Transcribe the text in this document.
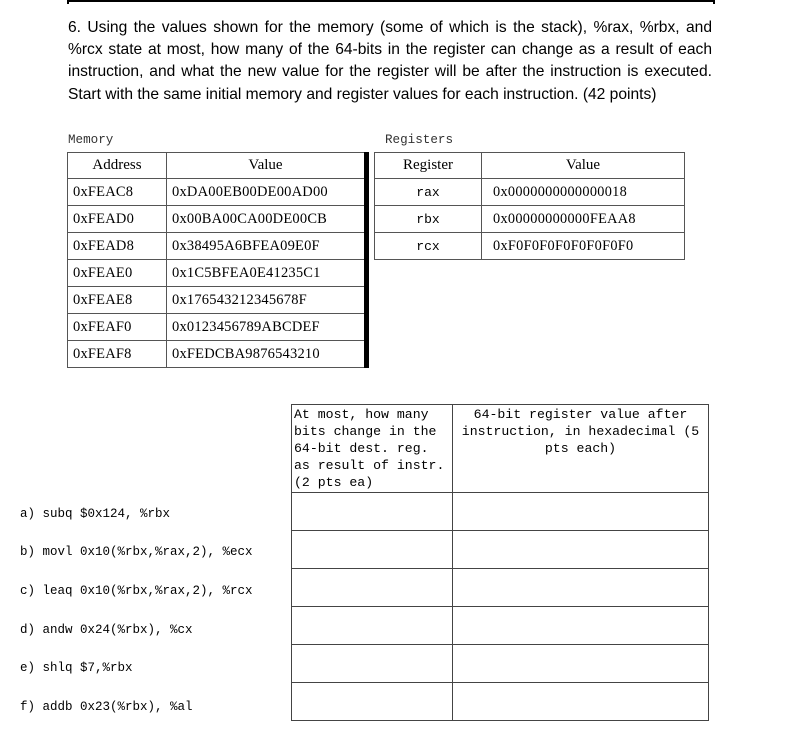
6. Using the values shown for the memory (some of which is the stack), %rax, %rbx, and %rcx state at most, how many of the 64-bits in the register can change as a result of each instruction, and what the new value for the register will be after the instruction is executed. Start with the same initial memory and register values for each instruction. (42 points)
Memory	Registers
Address	Value
0xFEAC8	0xDA00EB00DE00AD00
0xFEAD0	0x00BA00CA00DE00CB
0xFEAD8	0x38495A6BFEA09E0F
0xFEAE0	0x1C5BFEA0E41235C1
0xFEAE8	0x176543212345678F
0xFEAF0	0x0123456789ABCDEF
0xFEAF8	0xFEDCBA9876543210
Register	Value
rax	0x0000000000000018
rbx	0x00000000000FEAA8
rcx	0xF0F0F0F0F0F0F0F0
At most, how many bits change in the 64-bit dest. reg. as result of instr. (2 pts ea)	64-bit register value after instruction, in hexadecimal (5 pts each)

a) subq $0x124, %rbx
b) movl 0x10(%rbx,%rax,2), %ecx
c) leaq 0x10(%rbx,%rax,2), %rcx
d) andw 0x24(%rbx), %cx
e) shlq $7,%rbx
f) addb 0x23(%rbx), %al
